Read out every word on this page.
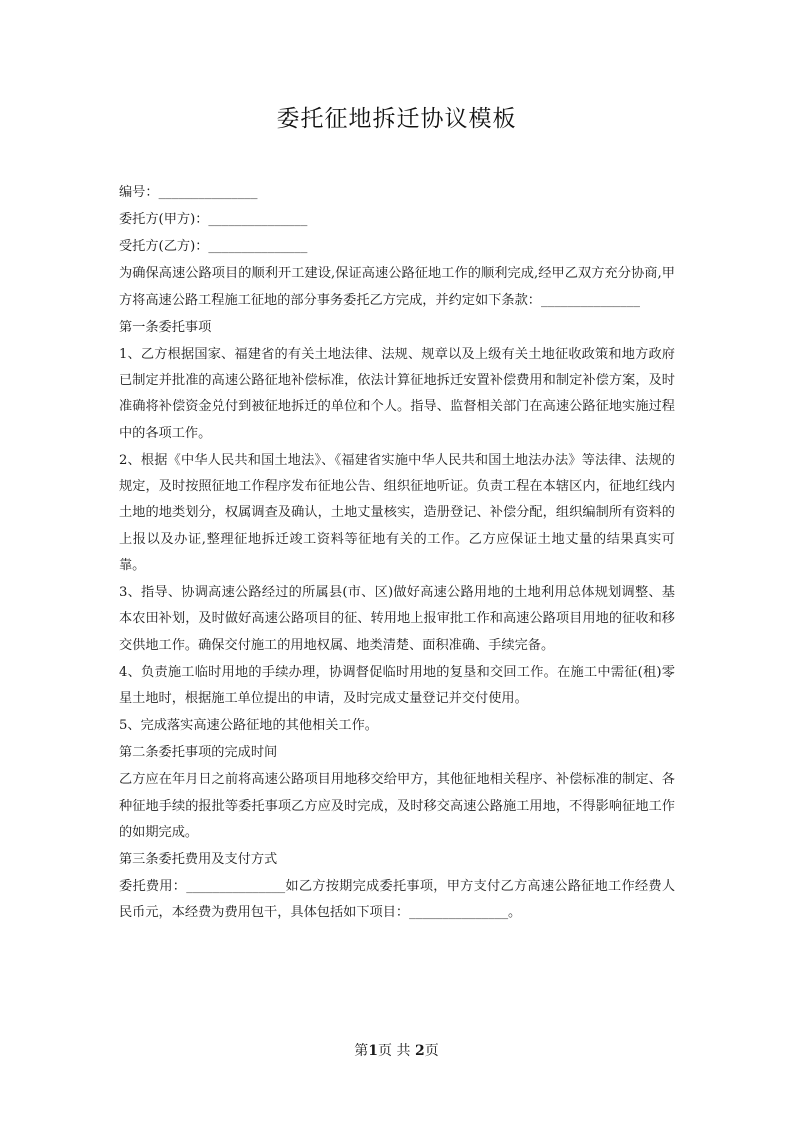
委托征地拆迁协议模板

编号：_______________

委托方(甲方)：_______________

受托方(乙方)：_______________

为确保高速公路项目的顺利开工建设,保证高速公路征地工作的顺利完成,经甲乙双方充分协商,甲方将高速公路工程施工征地的部分事务委托乙方完成，并约定如下条款：_______________

第一条委托事项

1、乙方根据国家、福建省的有关土地法律、法规、规章以及上级有关土地征收政策和地方政府已制定并批准的高速公路征地补偿标准，依法计算征地拆迁安置补偿费用和制定补偿方案，及时准确将补偿资金兑付到被征地拆迁的单位和个人。指导、监督相关部门在高速公路征地实施过程中的各项工作。

2、根据《中华人民共和国土地法》、《福建省实施中华人民共和国土地法办法》等法律、法规的规定，及时按照征地工作程序发布征地公告、组织征地听证。负责工程在本辖区内，征地红线内土地的地类划分，权属调查及确认，土地丈量核实，造册登记、补偿分配，组织编制所有资料的上报以及办证,整理征地拆迁竣工资料等征地有关的工作。乙方应保证土地丈量的结果真实可靠。

3、指导、协调高速公路经过的所属县(市、区)做好高速公路用地的土地利用总体规划调整、基本农田补划，及时做好高速公路项目的征、转用地上报审批工作和高速公路项目用地的征收和移交供地工作。确保交付施工的用地权属、地类清楚、面积准确、手续完备。

4、负责施工临时用地的手续办理，协调督促临时用地的复垦和交回工作。在施工中需征(租)零星土地时，根据施工单位提出的申请，及时完成丈量登记并交付使用。

5、完成落实高速公路征地的其他相关工作。

第二条委托事项的完成时间

乙方应在年月日之前将高速公路项目用地移交给甲方，其他征地相关程序、补偿标准的制定、各种征地手续的报批等委托事项乙方应及时完成，及时移交高速公路施工用地，不得影响征地工作的如期完成。

第三条委托费用及支付方式

委托费用：_______________如乙方按期完成委托事项，甲方支付乙方高速公路征地工作经费人民币元，本经费为费用包干，具体包括如下项目：_______________。

第1页 共 2页
